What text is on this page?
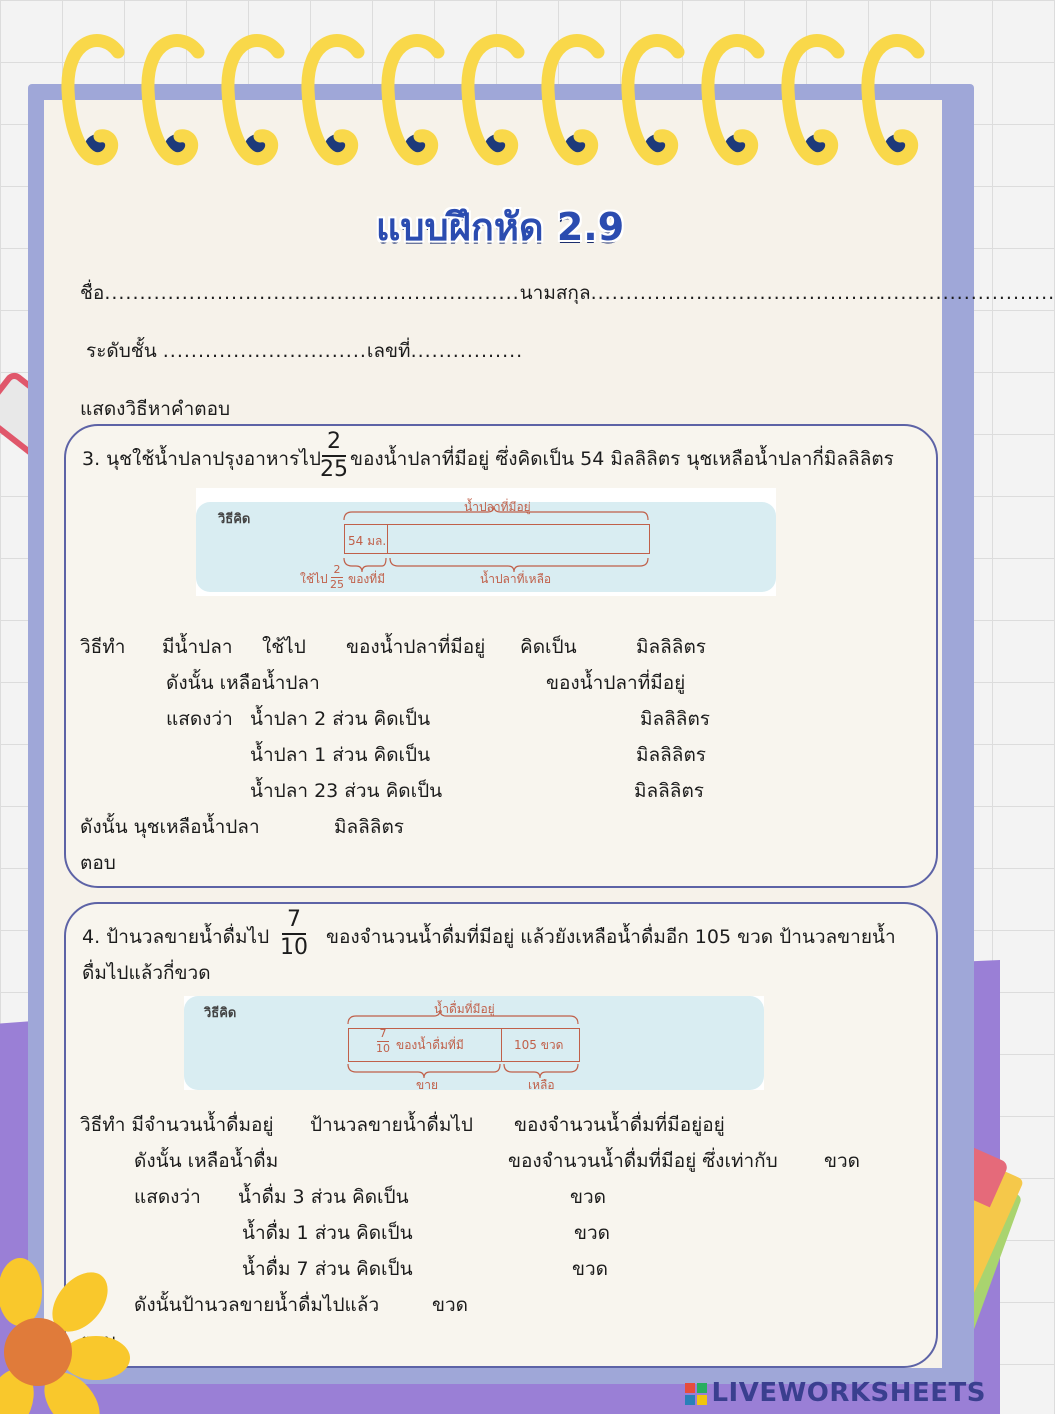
แบบฝึกหัด 2.9
ชื่อ...........................................................นามสกุล..................................................................
ระดับชั้น .............................เลขที่................
แสดงวิธีหาคำตอบ
3. นุชใช้น้ำปลาปรุงอาหารไป
2
25 ของน้ำปลาที่มีอยู่ ซึ่งคิดเป็น 54 มิลลิลิตร นุชเหลือน้ำปลากี่มิลลิลิตร
วิธีคิด
น้ำปลาที่มีอยู่
54 มล.
ใช้ไป
2
25 ของที่มี	น้ำปลาที่เหลือ
วิธีทำ มีน้ำปลา ใช้ไป ของน้ำปลาที่มีอยู่ คิดเป็น	มิลลิลิตร
ดังนั้น เหลือน้ำปลา	ของน้ำปลาที่มีอยู่
แสดงว่า น้ำปลา 2 ส่วน คิดเป็น	มิลลิลิตร
น้ำปลา 1 ส่วน คิดเป็น	มิลลิลิตร
น้ำปลา 23 ส่วน คิดเป็น	มิลลิลิตร
ดังนั้น นุชเหลือน้ำปลา	มิลลิลิตร
ตอบ
4. ป้านวลขายน้ำดื่มไป
7
10 ของจำนวนน้ำดื่มที่มีอยู่ แล้วยังเหลือน้ำดื่มอีก 105 ขวด ป้านวลขายน้ำ
ดื่มไปแล้วกี่ขวด
วิธีคิด	น้ำดื่มที่มีอยู่
7
10 ของน้ำดื่มที่มี	105 ขวด
ขาย	เหลือ
วิธีทำ มีจำนวนน้ำดื่มอยู่ ป้านวลขายน้ำดื่มไป ของจำนวนน้ำดื่มที่มีอยู่อยู่
ดังนั้น เหลือน้ำดื่ม	ของจำนวนน้ำดื่มที่มีอยู่ ซึ่งเท่ากับ ขวด
แสดงว่า น้ำดื่ม 3 ส่วน คิดเป็น	ขวด
น้ำดื่ม 1 ส่วน คิดเป็น	ขวด
น้ำดื่ม 7 ส่วน คิดเป็น	ขวด
ดังนั้นป้านวลขายน้ำดื่มไปแล้ว	ขวด
LIVEWORKSHEETS
